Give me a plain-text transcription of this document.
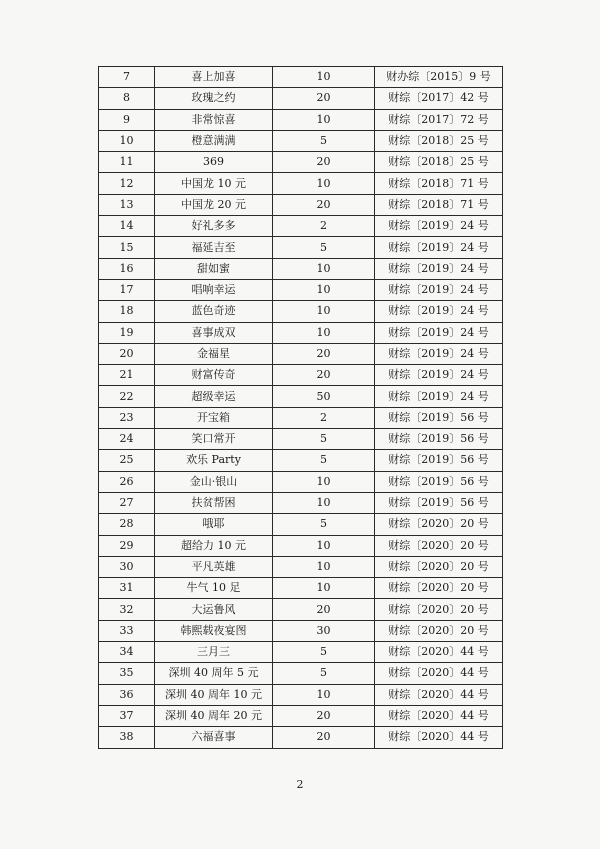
7	喜上加喜	10	财办综〔2015〕9 号
8	玫瑰之约	20	财综〔2017〕42 号
9	非常惊喜	10	财综〔2017〕72 号
10	橙意满满	5	财综〔2018〕25 号
11	369	20	财综〔2018〕25 号
12	中国龙 10 元	10	财综〔2018〕71 号
13	中国龙 20 元	20	财综〔2018〕71 号
14	好礼多多	2	财综〔2019〕24 号
15	福延吉至	5	财综〔2019〕24 号
16	甜如蜜	10	财综〔2019〕24 号
17	唱响幸运	10	财综〔2019〕24 号
18	蓝色奇迹	10	财综〔2019〕24 号
19	喜事成双	10	财综〔2019〕24 号
20	金福星	20	财综〔2019〕24 号
21	财富传奇	20	财综〔2019〕24 号
22	超级幸运	50	财综〔2019〕24 号
23	开宝箱	2	财综〔2019〕56 号
24	笑口常开	5	财综〔2019〕56 号
25	欢乐 Party	5	财综〔2019〕56 号
26	金山·银山	10	财综〔2019〕56 号
27	扶贫帮困	10	财综〔2019〕56 号
28	哦耶	5	财综〔2020〕20 号
29	超给力 10 元	10	财综〔2020〕20 号
30	平凡英雄	10	财综〔2020〕20 号
31	牛气 10 足	10	财综〔2020〕20 号
32	大运鲁风	20	财综〔2020〕20 号
33	韩熙载夜宴图	30	财综〔2020〕20 号
34	三月三	5	财综〔2020〕44 号
35	深圳 40 周年 5 元	5	财综〔2020〕44 号
36	深圳 40 周年 10 元	10	财综〔2020〕44 号
37	深圳 40 周年 20 元	20	财综〔2020〕44 号
38	六福喜事	20	财综〔2020〕44 号
2
